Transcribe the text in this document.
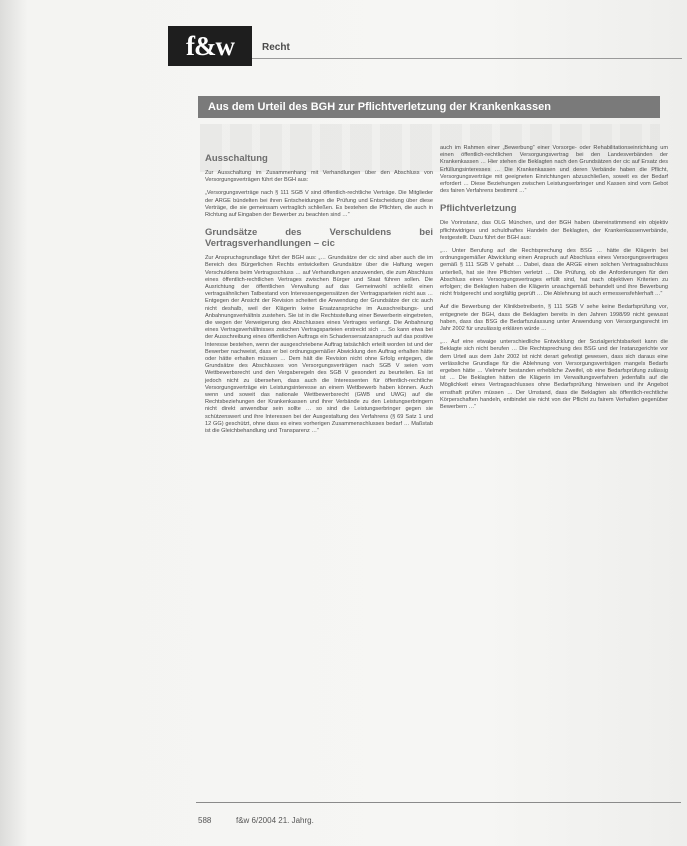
f&w	Recht
Aus dem Urteil des BGH zur Pflichtverletzung der Krankenkassen
Ausschaltung

Zur Ausschaltung im Zusammenhang mit Verhandlungen über den Abschluss von Versorgungsverträgen führt der BGH aus:

„Versorgungsverträge nach § 111 SGB V sind öffentlich-rechtliche Verträge. Die Mitglieder der ARGE bündelten bei ihren Entscheidungen die Prüfung und Entscheidung über diese Verträge, die sie gemeinsam vertraglich schließen. Es bestehen die Pflichten, die auch in Richtung auf Eingaben der Bewerber zu beachten sind …“

Grundsätze des Verschuldens bei Vertragsverhandlungen – cic

Zur Anspruchsgrundlage führt der BGH aus: „… Grundsätze der cic sind aber auch die im Bereich des Bürgerlichen Rechts entwickelten Grundsätze über die Haftung wegen Verschuldens beim Vertragsschluss … auf Verhandlungen anzuwenden, die zum Abschluss eines öffentlich-rechtlichen Vertrages zwischen Bürger und Staat führen sollen. Die Ausrichtung der öffentlichen Verwaltung auf das Gemeinwohl schließt einen vertragsähnlichen Tatbestand von Interessengegensätzen der Vertragsparteien nicht aus … Entgegen der Ansicht der Revision scheitert die Anwendung der Grundsätze der cic auch nicht deshalb, weil der Klägerin keine Ersatzansprüche im Ausschreibungs- und Anbahnungsverhältnis zustehen. Sie ist in die Rechtsstellung einer Bewerberin eingetreten, die wegen der Verweigerung des Abschlusses eines Vertrages verlangt. Die Anbahnung eines Vertragsverhältnisses zwischen Vertragsparteien erstreckt sich … So kann etwa bei der Ausschreibung eines öffentlichen Auftrags ein Schadensersatzanspruch auf das positive Interesse bestehen, wenn der ausgeschriebene Auftrag tatsächlich erteilt worden ist und der Bewerber nachweist, dass er bei ordnungsgemäßer Abwicklung den Auftrag erhalten hätte oder hätte erhalten müssen … Dem hält die Revision nicht ohne Erfolg entgegen, die Grundsätze des Abschlusses von Versorgungsverträgen nach SGB V seien vom Wettbewerbsrecht und den Vergaberegeln des SGB V gesondert zu beurteilen. Es ist jedoch nicht zu übersehen, dass auch die Interessenten für öffentlich-rechtliche Versorgungsverträge ein Leistungsinteresse an einem Wettbewerb haben können. Auch wenn und soweit das nationale Wettbewerbsrecht (GWB und UWG) auf die Rechtsbeziehungen der Krankenkassen und ihrer Verbände zu den Leistungserbringern nicht direkt anwendbar sein sollte … so sind die Leistungserbringer gegen sie schützenswert und ihre Interessen bei der Ausgestaltung des Verfahrens (§ 69 Satz 1 und 12 GG) geschützt, ohne dass es eines vorherigen Zusammenschlusses bedarf … Maßstab ist die Gleichbehandlung und Transparenz …“

auch im Rahmen einer „Bewerbung“ einer Vorsorge- oder Rehabilitationseinrichtung um einen öffentlich-rechtlichen Versorgungsvertrag bei den Landesverbänden der Krankenkassen … Hier stehen die Beklagten nach den Grundsätzen der cic auf Ersatz des Erfüllungsinteresses … Die Krankenkassen und deren Verbände haben die Pflicht, Versorgungsverträge mit geeigneten Einrichtungen abzuschließen, soweit es der Bedarf erfordert … Diese Beziehungen zwischen Leistungserbringer und Kassen sind vom Gebot des fairen Verfahrens bestimmt …“

Pflichtverletzung

Die Vorinstanz, das OLG München, und der BGH haben übereinstimmend ein objektiv pflichtwidriges und schuldhaftes Handeln der Beklagten, der Krankenkassenverbände, festgestellt. Dazu führt der BGH aus:

„… Unter Berufung auf die Rechtsprechung des BSG … hätte die Klägerin bei ordnungsgemäßer Abwicklung einen Anspruch auf Abschluss eines Versorgungsvertrages gemäß § 111 SGB V gehabt … Dabei, dass die ARGE einen solchen Vertragsabschluss unterließ, hat sie ihre Pflichten verletzt … Die Prüfung, ob die Anforderungen für den Abschluss eines Versorgungsvertrages erfüllt sind, hat nach objektiven Kriterien zu erfolgen; die Beklagten haben die Klägerin unsachgemäß behandelt und ihre Bewerbung nicht fristgerecht und sorgfältig geprüft … Die Ablehnung ist auch ermessensfehlerhaft …“

Auf die Bewerbung der Klinikbetreiberin, § 111 SGB V sehe keine Bedarfsprüfung vor, entgegnete der BGH, dass die Beklagten bereits in den Jahren 1998/99 nicht gewusst haben, dass das BSG die Bedarfszulassung unter Anwendung von Versorgungsrecht im Jahr 2002 für unzulässig erklären würde …

„… Auf eine etwaige unterschiedliche Entwicklung der Sozialgerichtsbarkeit kann die Beklagte sich nicht berufen … Die Rechtsprechung des BSG und der Instanzgerichte vor dem Urteil aus dem Jahr 2002 ist nicht derart gefestigt gewesen, dass sich daraus eine verlässliche Grundlage für die Ablehnung von Versorgungsverträgen mangels Bedarfs ergeben hätte … Vielmehr bestanden erhebliche Zweifel, ob eine Bedarfsprüfung zulässig ist … Die Beklagten hätten die Klägerin im Verwaltungsverfahren jedenfalls auf die Möglichkeit eines Vertragsschlusses ohne Bedarfsprüfung hinweisen und ihr Angebot ernsthaft prüfen müssen … Der Umstand, dass die Beklagten als öffentlich-rechtliche Körperschaften handeln, entbindet sie nicht von der Pflicht zu fairem Verhalten gegenüber Bewerbern …“

588	f&w 6/2004 21. Jahrg.
